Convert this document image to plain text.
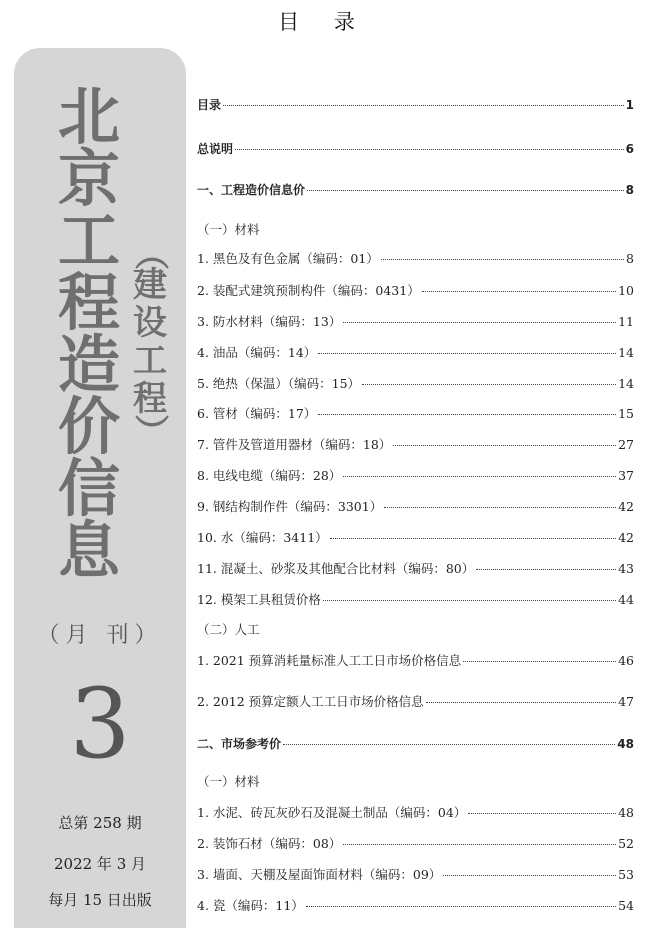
目 录
北
京
工
程
造
价
信
息
（
建
设
工
程
）
（月 刊）
3
总第 258 期
2022 年 3 月
每月 15 日出版
目录	1
总说明	6
一、工程造价信息价	8
（一）材料
1. 黑色及有色金属（编码：01）	8
2. 装配式建筑预制构件（编码：0431）	10
3. 防水材料（编码：13）	11
4. 油品（编码：14）	14
5. 绝热（保温）（编码：15）	14
6. 管材（编码：17）	15
7. 管件及管道用器材（编码：18）	27
8. 电线电缆（编码：28）	37
9. 钢结构制作件（编码：3301）	42
10. 水（编码：3411）	42
11. 混凝土、砂浆及其他配合比材料（编码：80）	43
12. 模架工具租赁价格	44
（二）人工
1. 2021 预算消耗量标准人工工日市场价格信息	46
2. 2012 预算定额人工工日市场价格信息	47
二、市场参考价	48
（一）材料
1. 水泥、砖瓦灰砂石及混凝土制品（编码：04）	48
2. 装饰石材（编码：08）	52
3. 墙面、天棚及屋面饰面材料（编码：09）	53
4. 瓷（编码：11）	54
